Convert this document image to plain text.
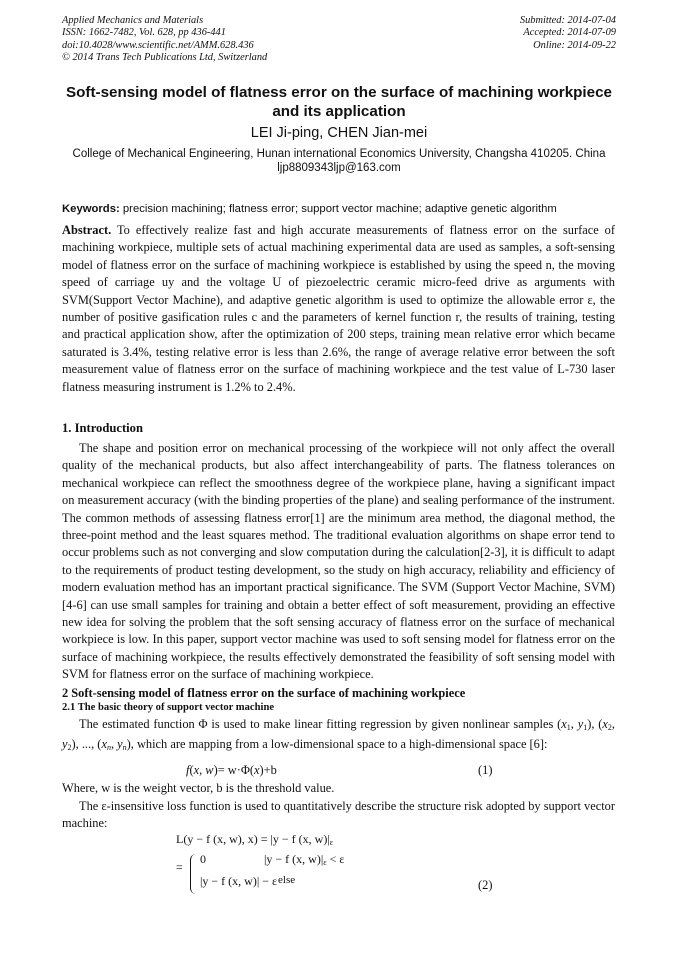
Applied Mechanics and Materials
ISSN: 1662-7482, Vol. 628, pp 436-441
doi:10.4028/www.scientific.net/AMM.628.436
© 2014 Trans Tech Publications Ltd, Switzerland
Submitted: 2014-07-04
Accepted: 2014-07-09
Online: 2014-09-22
Soft-sensing model of flatness error on the surface of machining workpiece and its application
LEI Ji-ping, CHEN Jian-mei
College of Mechanical Engineering, Hunan international Economics University, Changsha 410205. China
ljp8809343ljp@163.com
Keywords: precision machining; flatness error; support vector machine; adaptive genetic algorithm
Abstract. To effectively realize fast and high accurate measurements of flatness error on the surface of machining workpiece, multiple sets of actual machining experimental data are used as samples, a soft-sensing model of flatness error on the surface of machining workpiece is established by using the speed n, the moving speed of carriage uy and the voltage U of piezoelectric ceramic micro-feed drive as arguments with SVM(Support Vector Machine), and adaptive genetic algorithm is used to optimize the allowable error ε, the number of positive gasification rules c and the parameters of kernel function r, the results of training, testing and practical application show, after the optimization of 200 steps, training mean relative error which became saturated is 3.4%, testing relative error is less than 2.6%, the range of average relative error between the soft measurement value of flatness error on the surface of machining workpiece and the test value of L-730 laser flatness measuring instrument is 1.2% to 2.4%.
1. Introduction
The shape and position error on mechanical processing of the workpiece will not only affect the overall quality of the mechanical products, but also affect interchangeability of parts. The flatness tolerances on mechanical workpiece can reflect the smoothness degree of the workpiece plane, having a significant impact on measurement accuracy (with the binding properties of the plane) and sealing performance of the instrument. The common methods of assessing flatness error[1] are the minimum area method, the diagonal method, the three-point method and the least squares method. The traditional evaluation algorithms on shape error tend to occur problems such as not converging and slow computation during the calculation[2-3], it is difficult to adapt to the requirements of product testing development, so the study on high accuracy, reliability and efficiency of modern evaluation method has an important practical significance. The SVM (Support Vector Machine, SVM)[4-6] can use small samples for training and obtain a better effect of soft measurement, providing an effective new idea for solving the problem that the soft sensing accuracy of flatness error on the surface of mechanical workpiece is low. In this paper, support vector machine was used to soft sensing model for flatness error on the surface of machining workpiece, the results effectively demonstrated the feasibility of soft sensing model with SVM for flatness error on the surface of machining workpiece.
2 Soft-sensing model of flatness error on the surface of machining workpiece
2.1 The basic theory of support vector machine
The estimated function Φ is used to make linear fitting regression by given nonlinear samples ($x_1$, $y_1$), ($x_2$, $y_2$), ..., ($x_n$, $y_n$), which are mapping from a low-dimensional space to a high-dimensional space [6]:
f(x, w)= w·Φ(x)+b	(1)
Where, w is the weight vector, b is the threshold value.
The ε-insensitive loss function is used to quantitatively describe the structure risk adopted by support vector machine:
L(y − f (x, w), x) = |y − f (x, $w)|_\varepsilon$
=
0	|y − f (x, $w)|_\varepsilon < \varepsilon$
|y − f (x, w)| − ε else	(2)
